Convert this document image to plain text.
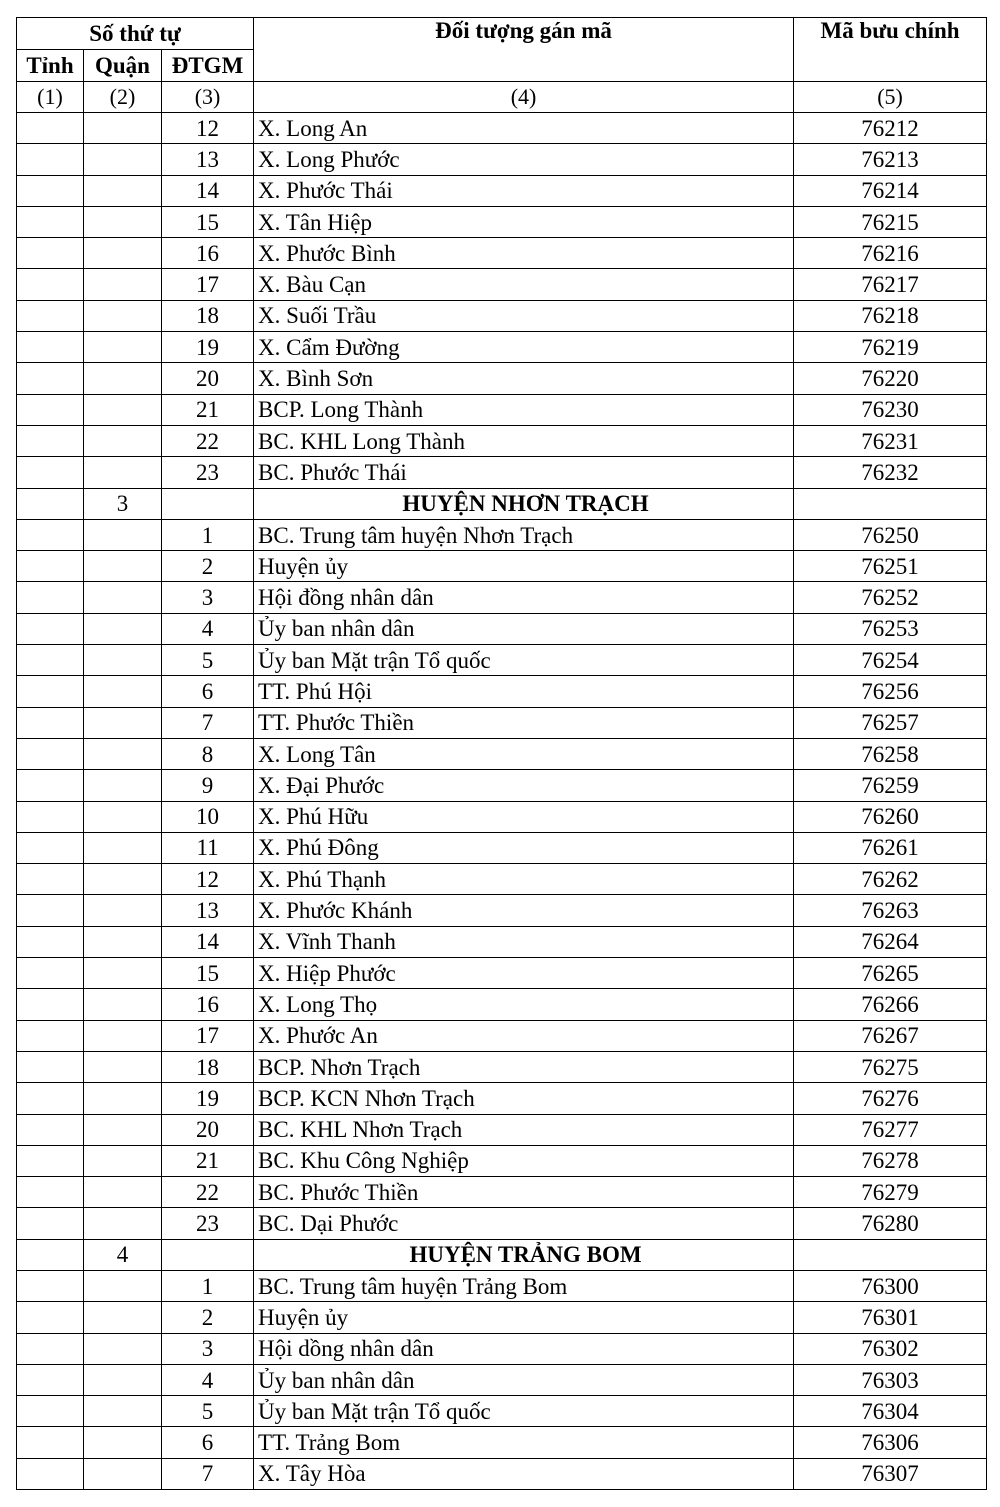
Số thứ tự			Đối tượng gán mã	Mã bưu chính
Tỉnh	Quận	ĐTGM		
(1)	(2)	(3)	(4)	(5)
		12	X. Long An	76212
		13	X. Long Phước	76213
		14	X. Phước Thái	76214
		15	X. Tân Hiệp	76215
		16	X. Phước Bình	76216
		17	X. Bàu Cạn	76217
		18	X. Suối Trầu	76218
		19	X. Cẩm Đường	76219
		20	X. Bình Sơn	76220
		21	BCP. Long Thành	76230
		22	BC. KHL Long Thành	76231
		23	BC. Phước Thái	76232
	3		HUYỆN NHƠN TRẠCH	
		1	BC. Trung tâm huyện Nhơn Trạch	76250
		2	Huyện ủy	76251
		3	Hội đồng nhân dân	76252
		4	Ủy ban nhân dân	76253
		5	Ủy ban Mặt trận Tổ quốc	76254
		6	TT. Phú Hội	76256
		7	TT. Phước Thiền	76257
		8	X. Long Tân	76258
		9	X. Đại Phước	76259
		10	X. Phú Hữu	76260
		11	X. Phú Đông	76261
		12	X. Phú Thạnh	76262
		13	X. Phước Khánh	76263
		14	X. Vĩnh Thanh	76264
		15	X. Hiệp Phước	76265
		16	X. Long Thọ	76266
		17	X. Phước An	76267
		18	BCP. Nhơn Trạch	76275
		19	BCP. KCN Nhơn Trạch	76276
		20	BC. KHL Nhơn Trạch	76277
		21	BC. Khu Công Nghiệp	76278
		22	BC. Phước Thiền	76279
		23	BC. Dại Phước	76280
	4		HUYỆN TRẢNG BOM	
		1	BC. Trung tâm huyện Trảng Bom	76300
		2	Huyện ủy	76301
		3	Hội dồng nhân dân	76302
		4	Ủy ban nhân dân	76303
		5	Ủy ban Mặt trận Tổ quốc	76304
		6	TT. Trảng Bom	76306
		7	X. Tây Hòa	76307
